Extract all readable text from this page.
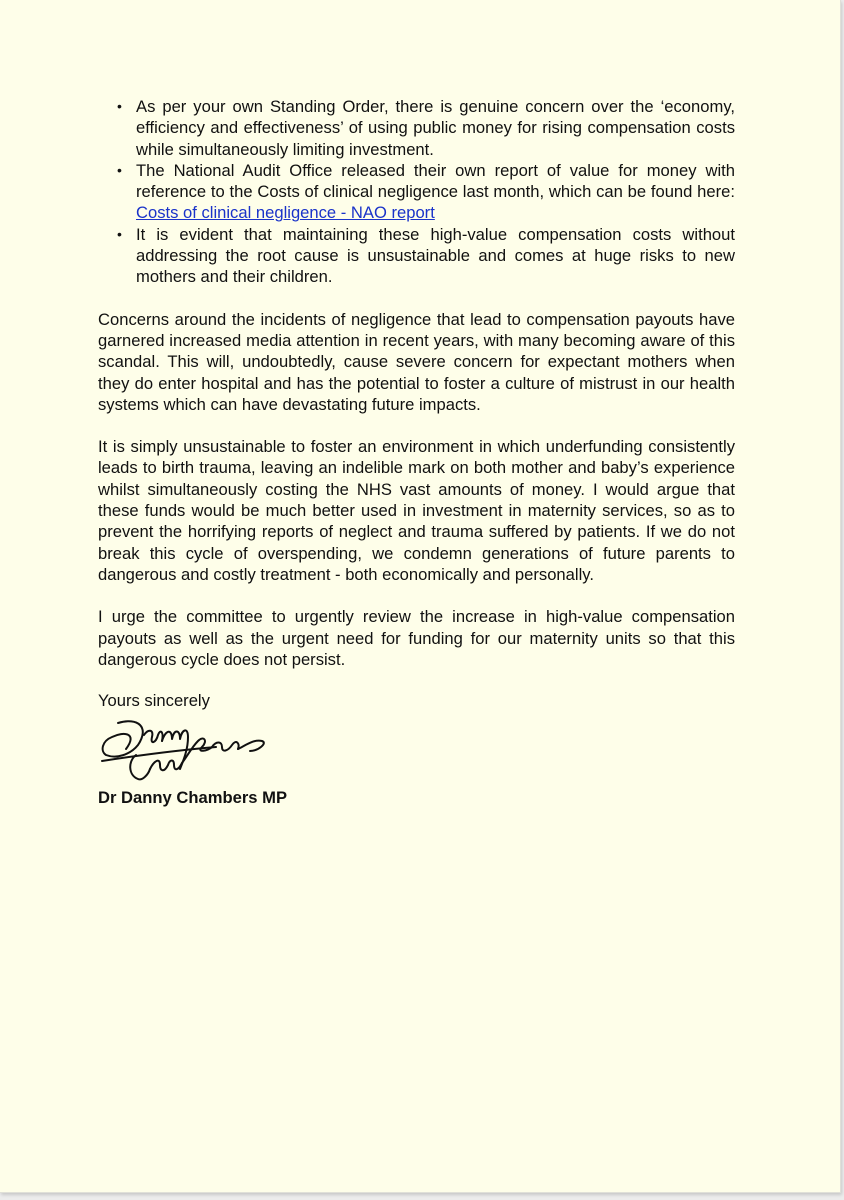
• As per your own Standing Order, there is genuine concern over the ‘economy, efficiency and effectiveness’ of using public money for rising compensation costs while simultaneously limiting investment.
• The National Audit Office released their own report of value for money with reference to the Costs of clinical negligence last month, which can be found here: Costs of clinical negligence - NAO report
• It is evident that maintaining these high-value compensation costs without addressing the root cause is unsustainable and comes at huge risks to new mothers and their children.

Concerns around the incidents of negligence that lead to compensation payouts have garnered increased media attention in recent years, with many becoming aware of this scandal. This will, undoubtedly, cause severe concern for expectant mothers when they do enter hospital and has the potential to foster a culture of mistrust in our health systems which can have devastating future impacts.

It is simply unsustainable to foster an environment in which underfunding consistently leads to birth trauma, leaving an indelible mark on both mother and baby’s experience whilst simultaneously costing the NHS vast amounts of money. I would argue that these funds would be much better used in investment in maternity services, so as to prevent the horrifying reports of neglect and trauma suffered by patients. If we do not break this cycle of overspending, we condemn generations of future parents to dangerous and costly treatment - both economically and personally.

I urge the committee to urgently review the increase in high-value compensation payouts as well as the urgent need for funding for our maternity units so that this dangerous cycle does not persist.

Yours sincerely
Dr Danny Chambers MP
